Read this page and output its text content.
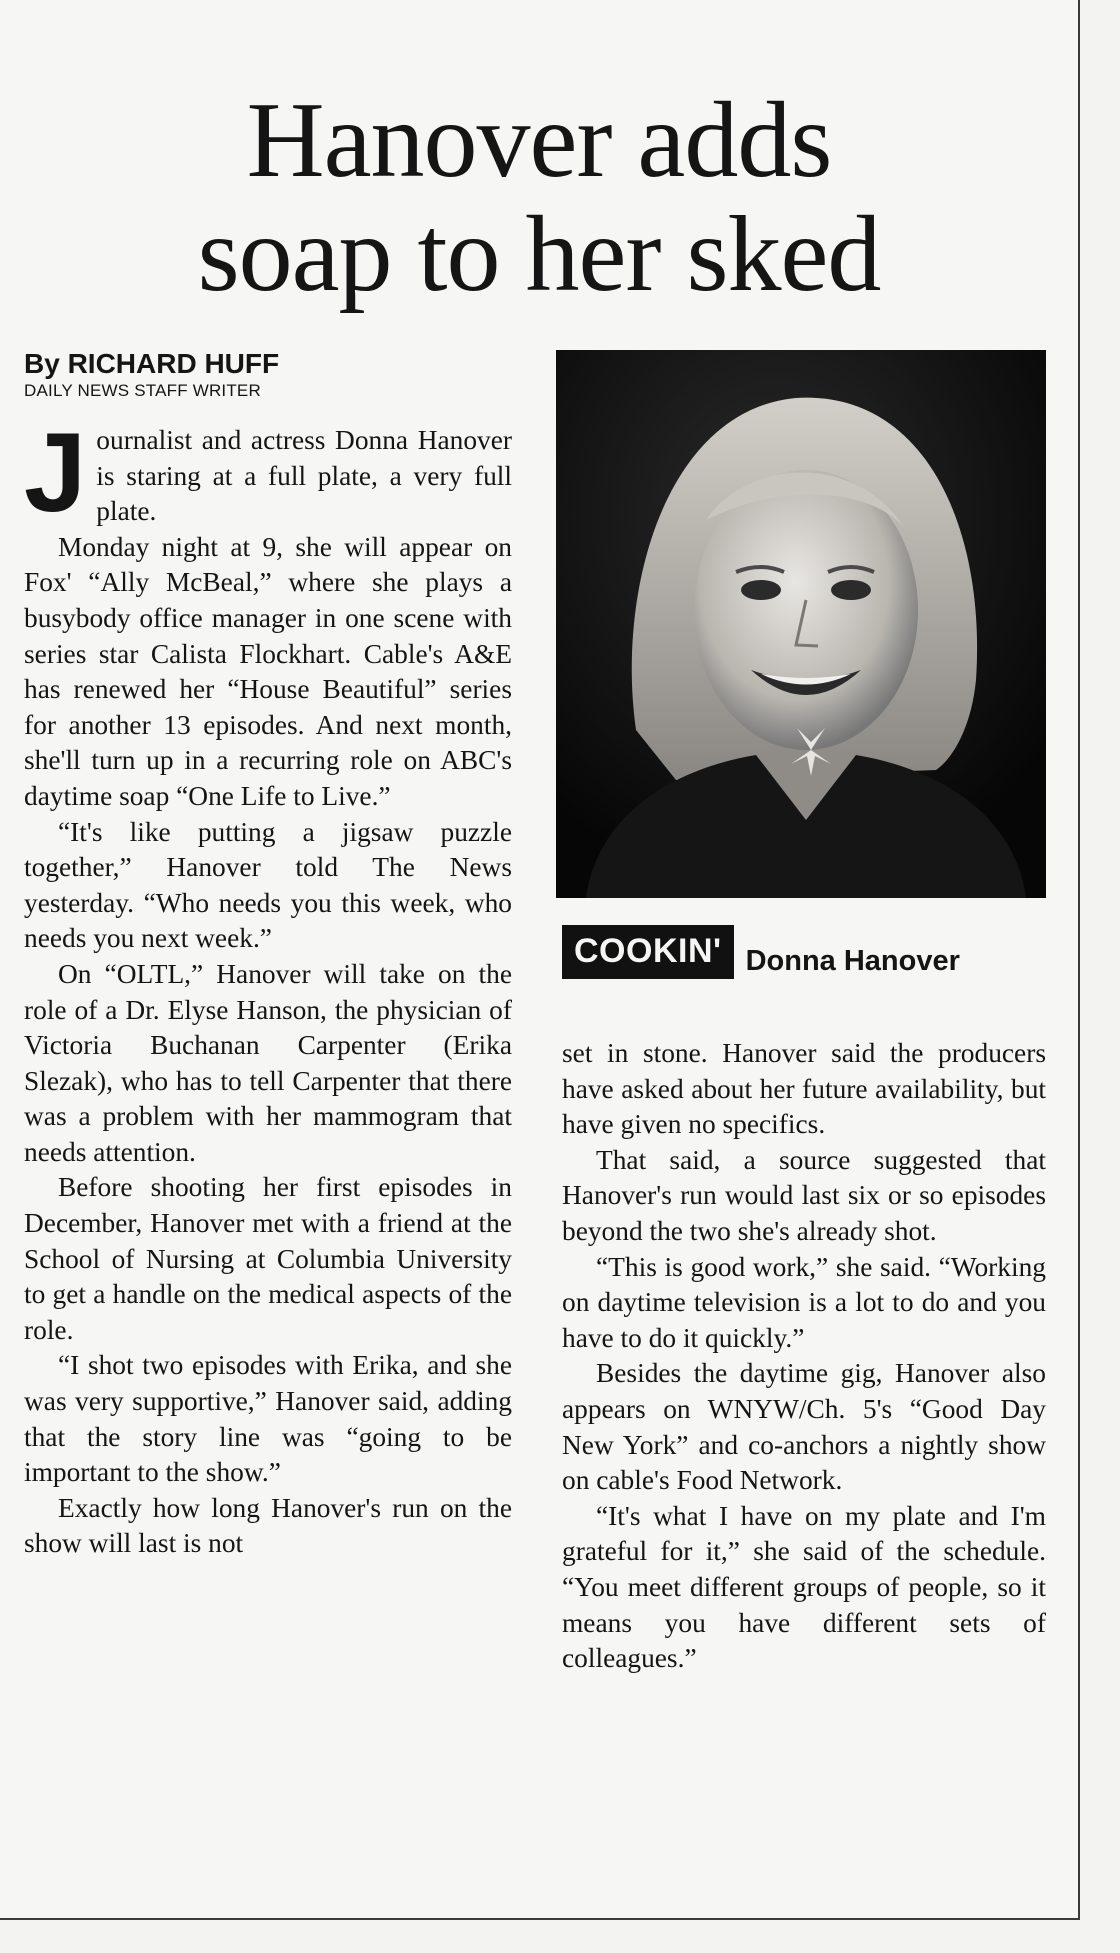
Hanover adds
soap to her sked
By RICHARD HUFF
DAILY NEWS STAFF WRITER

Journalist and actress Donna Hanover is staring at a full plate, a very full plate.

Monday night at 9, she will appear on Fox' “Ally McBeal,” where she plays a busybody office manager in one scene with series star Calista Flockhart. Cable's A&E has renewed her “House Beautiful” series for another 13 episodes. And next month, she'll turn up in a recurring role on ABC's daytime soap “One Life to Live.”

“It's like putting a jigsaw puzzle together,” Hanover told The News yesterday. “Who needs you this week, who needs you next week.”

On “OLTL,” Hanover will take on the role of a Dr. Elyse Hanson, the physician of Victoria Buchanan Carpenter (Erika Slezak), who has to tell Carpenter that there was a problem with her mammogram that needs attention.

Before shooting her first episodes in December, Hanover met with a friend at the School of Nursing at Columbia University to get a handle on the medical aspects of the role.

“I shot two episodes with Erika, and she was very supportive,” Hanover said, adding that the story line was “going to be important to the show.”

Exactly how long Hanover's run on the show will last is not

COOKIN' Donna Hanover

set in stone. Hanover said the producers have asked about her future availability, but have given no specifics.

That said, a source suggested that Hanover's run would last six or so episodes beyond the two she's already shot.

“This is good work,” she said. “Working on daytime television is a lot to do and you have to do it quickly.”

Besides the daytime gig, Hanover also appears on WNYW/Ch. 5's “Good Day New York” and co-anchors a nightly show on cable's Food Network.

“It's what I have on my plate and I'm grateful for it,” she said of the schedule. “You meet different groups of people, so it means you have different sets of colleagues.”
